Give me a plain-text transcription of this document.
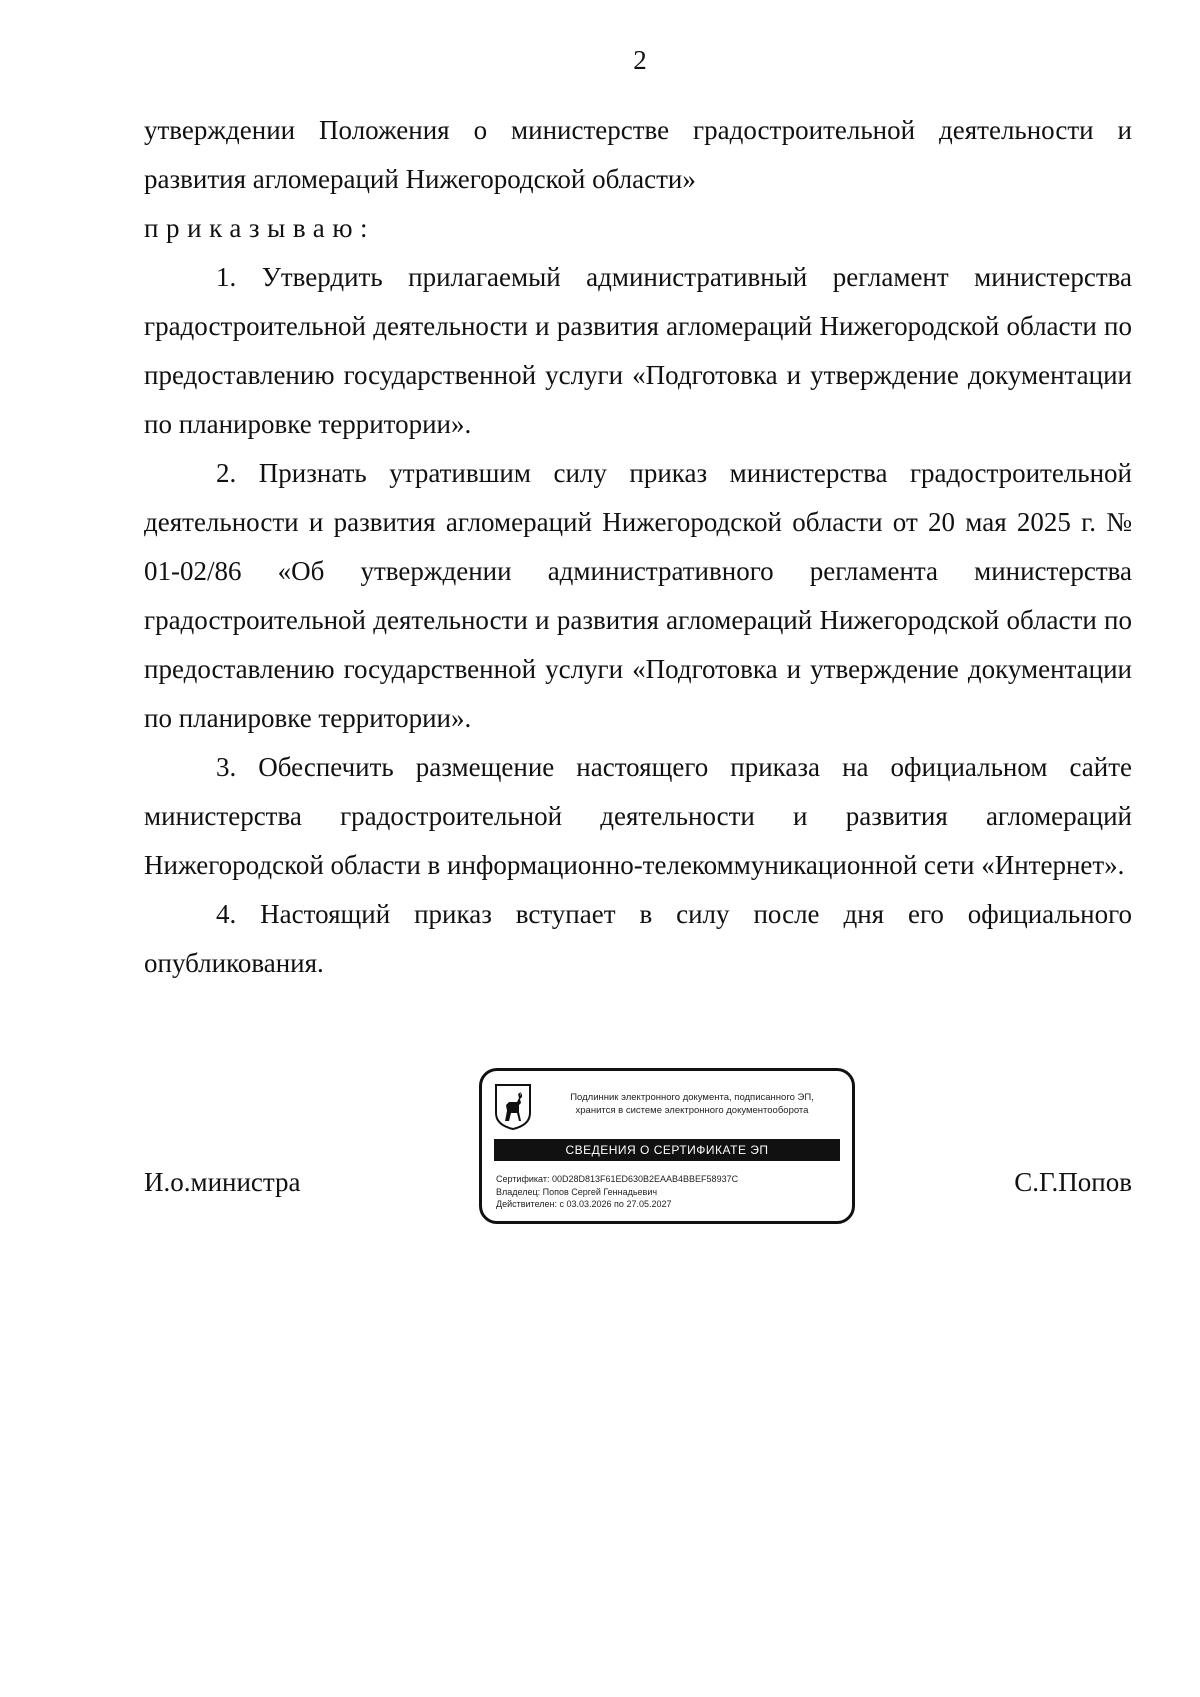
2

утверждении Положения о министерстве градостроительной деятельности и развития агломераций Нижегородской области»

приказываю:

1. Утвердить прилагаемый административный регламент министерства градостроительной деятельности и развития агломераций Нижегородской области по предоставлению государственной услуги «Подготовка и утверждение документации по планировке территории».

2. Признать утратившим силу приказ министерства градостроительной деятельности и развития агломераций Нижегородской области от 20 мая 2025 г. № 01-02/86 «Об утверждении административного регламента министерства градостроительной деятельности и развития агломераций Нижегородской области по предоставлению государственной услуги «Подготовка и утверждение документации по планировке территории».

3. Обеспечить размещение настоящего приказа на официальном сайте министерства градостроительной деятельности и развития агломераций Нижегородской области в информационно-телекоммуникационной сети «Интернет».

4. Настоящий приказ вступает в силу после дня его официального опубликования.

И.о.министра
Подлинник электронного документа, подписанного ЭП,
хранится в системе электронного документооборота
СВЕДЕНИЯ О СЕРТИФИКАТЕ ЭП
Сертификат: 00D28D813F61ED630B2EAAB4BBEF58937C
Владелец: Попов Сергей Геннадьевич
Действителен: с 03.03.2026 по 27.05.2027
С.Г.Попов
